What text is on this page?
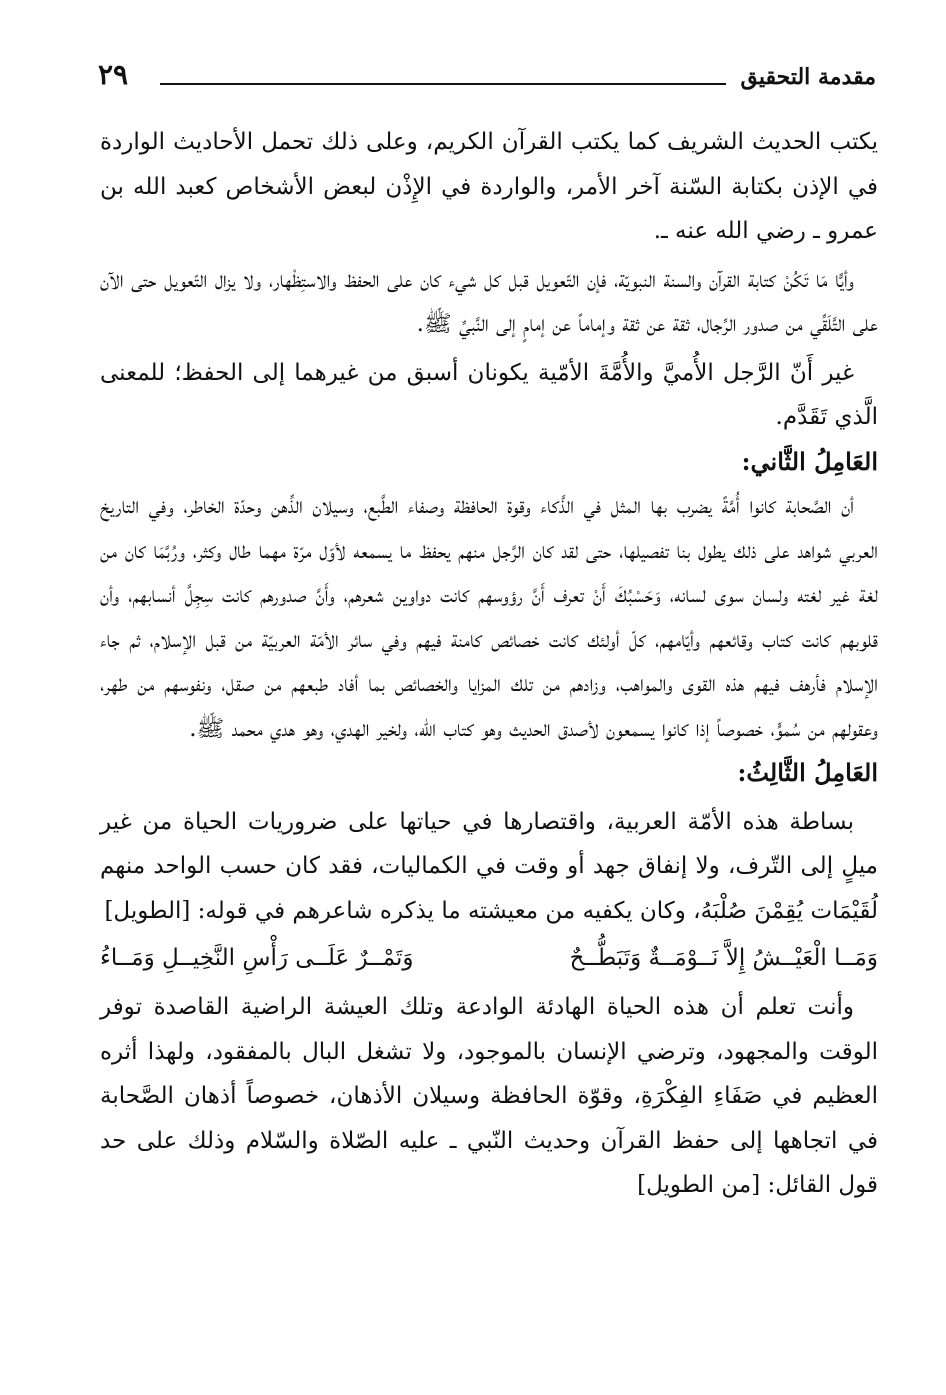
مقدمة التحقيق
٢٩

يكتب الحديث الشريف كما يكتب القرآن الكريم، وعلى ذلك تحمل الأحاديث الواردة في الإذن بكتابة السّنة آخر الأمر، والواردة في الإِذْن لبعض الأشخاص كعبد الله بن عمرو ـ رضي الله عنه ـ.

وأيًّا مَا تَكُنْ كتابة القرآن والسنة النبويّة، فإن التّعويل قبل كل شيء كان على الحفظ والاستِظْهار، ولا يزال التّعويل حتى الآن على التَّلَقِّي من صدور الرِّجال، ثقة عن ثقة وإماماً عن إمامٍ إلى النَّبيِّ ﷺ.

غير أَنّ الرَّجل الأُميَّ والأُمَّةَ الأمّية يكونان أسبق من غيرهما إلى الحفظ؛ للمعنى الَّذي تَقَدَّم.

العَامِلُ الثَّاني:

أن الصَّحابة كانوا أُمَّةً يضرب بها المثل في الذَّكاء وقوة الحافظة وصفاء الطَّبع، وسيلان الذِّهن وحدّة الخاطر، وفي التاريخ العربي شواهد على ذلك يطول بنا تفصيلها، حتى لقد كان الرَّجل منهم يحفظ ما يسمعه لأوّل مرّة مهما طال وكثر، ورُبَّمَا كان من لغة غير لغته ولسان سوى لسانه، وَحَسْبُكَ أَنْ تعرف أَنَّ رؤوسهم كانت دواوين شعرهم، وأَنَّ صدورهم كانت سِجِلَّ أنسابهم، وأن قلوبهم كانت كتاب وقائعهم وأيّامهم، كلّ أولئك كانت خصائص كامنة فيهم وفي سائر الأمّة العربيّة من قبل الإسلام، ثم جاء الإسلام فأرهف فيهم هذه القوى والمواهب، وزادهم من تلك المزايا والخصائص بما أفاد طبعهم من صقل، ونفوسهم من طهر، وعقولهم من سُموٍّ، خصوصاً إذا كانوا يسمعون لأصدق الحديث وهو كتاب الله، ولخير الهدي، وهو هدي محمد ﷺ.

العَامِلُ الثَّالِثُ:

بساطة هذه الأمّة العربية، واقتصارها في حياتها على ضروريات الحياة من غير ميلٍ إلى التّرف، ولا إنفاق جهد أو وقت في الكماليات، فقد كان حسب الواحد منهم لُقَيْمَات يُقِمْنَ صُلْبَهُ، وكان يكفيه من معيشته ما يذكره شاعرهم في قوله: [الطويل]

وَمَــا الْعَيْــشُ إِلاَّ نَــوْمَــةٌ وَتَبَطُّــحٌ
وَتَمْــرٌ عَلَــى رَأْسِ النَّخِيــلِ وَمَــاءُ

وأنت تعلم أن هذه الحياة الهادئة الوادعة وتلك العيشة الراضية القاصدة توفر الوقت والمجهود، وترضي الإنسان بالموجود، ولا تشغل البال بالمفقود، ولهذا أثره العظيم في صَفَاءِ الفِكْرَةِ، وقوّة الحافظة وسيلان الأذهان، خصوصاً أذهان الصَّحابة في اتجاهها إلى حفظ القرآن وحديث النّبي ـ عليه الصّلاة والسّلام وذلك على حد قول القائل: [من الطويل]
